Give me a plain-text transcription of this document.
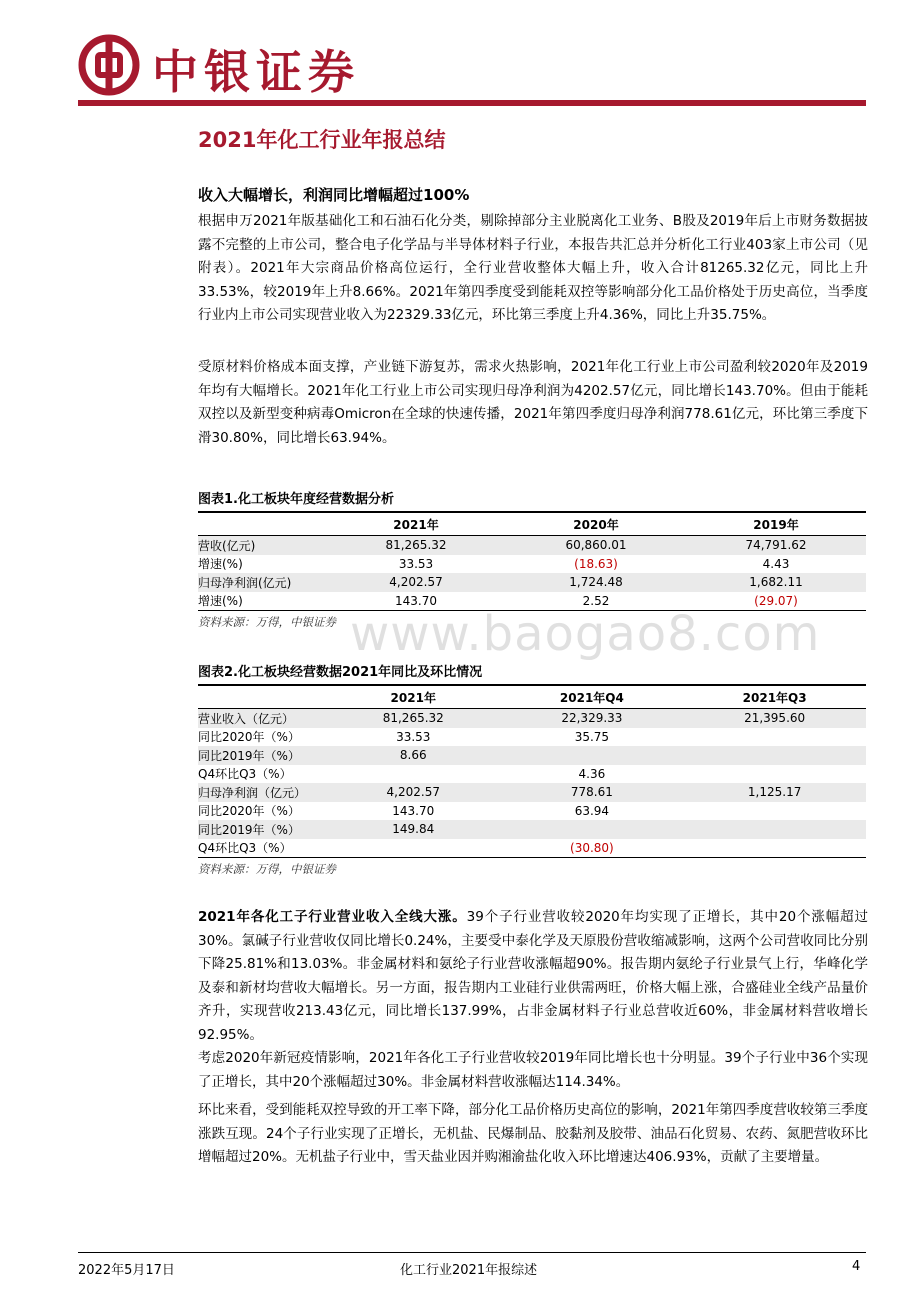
中银证券
2021年化工行业年报总结
收入大幅增长，利润同比增幅超过100%

根据申万2021年版基础化工和石油石化分类，剔除掉部分主业脱离化工业务、B股及2019年后上市财务数据披露不完整的上市公司，整合电子化学品与半导体材料子行业，本报告共汇总并分析化工行业403家上市公司（见附表）。2021年大宗商品价格高位运行，全行业营收整体大幅上升，收入合计81265.32亿元，同比上升33.53%，较2019年上升8.66%。2021年第四季度受到能耗双控等影响部分化工品价格处于历史高位，当季度行业内上市公司实现营业收入为22329.33亿元，环比第三季度上升4.36%，同比上升35.75%。

受原材料价格成本面支撑，产业链下游复苏，需求火热影响，2021年化工行业上市公司盈利较2020年及2019年均有大幅增长。2021年化工行业上市公司实现归母净利润为4202.57亿元，同比增长143.70%。但由于能耗双控以及新型变种病毒Omicron在全球的快速传播，2021年第四季度归母净利润778.61亿元，环比第三季度下滑30.80%，同比增长63.94%。

图表1.化工板块年度经营数据分析
	2021年	2020年	2019年
营收(亿元)	81,265.32	60,860.01	74,791.62
增速(%)	33.53	(18.63)	4.43
归母净利润(亿元)	4,202.57	1,724.48	1,682.11
增速(%)	143.70	2.52	(29.07)
资料来源：万得，中银证券 www.baogao8.com
图表2.化工板块经营数据2021年同比及环比情况
	2021年	2021年Q4	2021年Q3
营业收入（亿元）	81,265.32	22,329.33	21,395.60
同比2020年（%）	33.53	35.75	
同比2019年（%）	8.66		
Q4环比Q3（%）		4.36	
归母净利润（亿元）	4,202.57	778.61	1,125.17
同比2020年（%）	143.70	63.94	
同比2019年（%）	149.84		
Q4环比Q3（%）		(30.80)	
资料来源：万得，中银证券

2021年各化工子行业营业收入全线大涨。39个子行业营收较2020年均实现了正增长，其中20个涨幅超过30%。氯碱子行业营收仅同比增长0.24%，主要受中泰化学及天原股份营收缩减影响，这两个公司营收同比分别下降25.81%和13.03%。非金属材料和氨纶子行业营收涨幅超90%。报告期内氨纶子行业景气上行，华峰化学及泰和新材均营收大幅增长。另一方面，报告期内工业硅行业供需两旺，价格大幅上涨，合盛硅业全线产品量价齐升，实现营收213.43亿元，同比增长137.99%，占非金属材料子行业总营收近60%，非金属材料营收增长92.95%。

考虑2020年新冠疫情影响，2021年各化工子行业营收较2019年同比增长也十分明显。39个子行业中36个实现了正增长，其中20个涨幅超过30%。非金属材料营收涨幅达114.34%。

环比来看，受到能耗双控导致的开工率下降，部分化工品价格历史高位的影响，2021年第四季度营收较第三季度涨跌互现。24个子行业实现了正增长，无机盐、民爆制品、胶黏剂及胶带、油品石化贸易、农药、氮肥营收环比增幅超过20%。无机盐子行业中，雪天盐业因并购湘渝盐化收入环比增速达406.93%，贡献了主要增量。

2022年5月17日	化工行业2021年报综述	4
